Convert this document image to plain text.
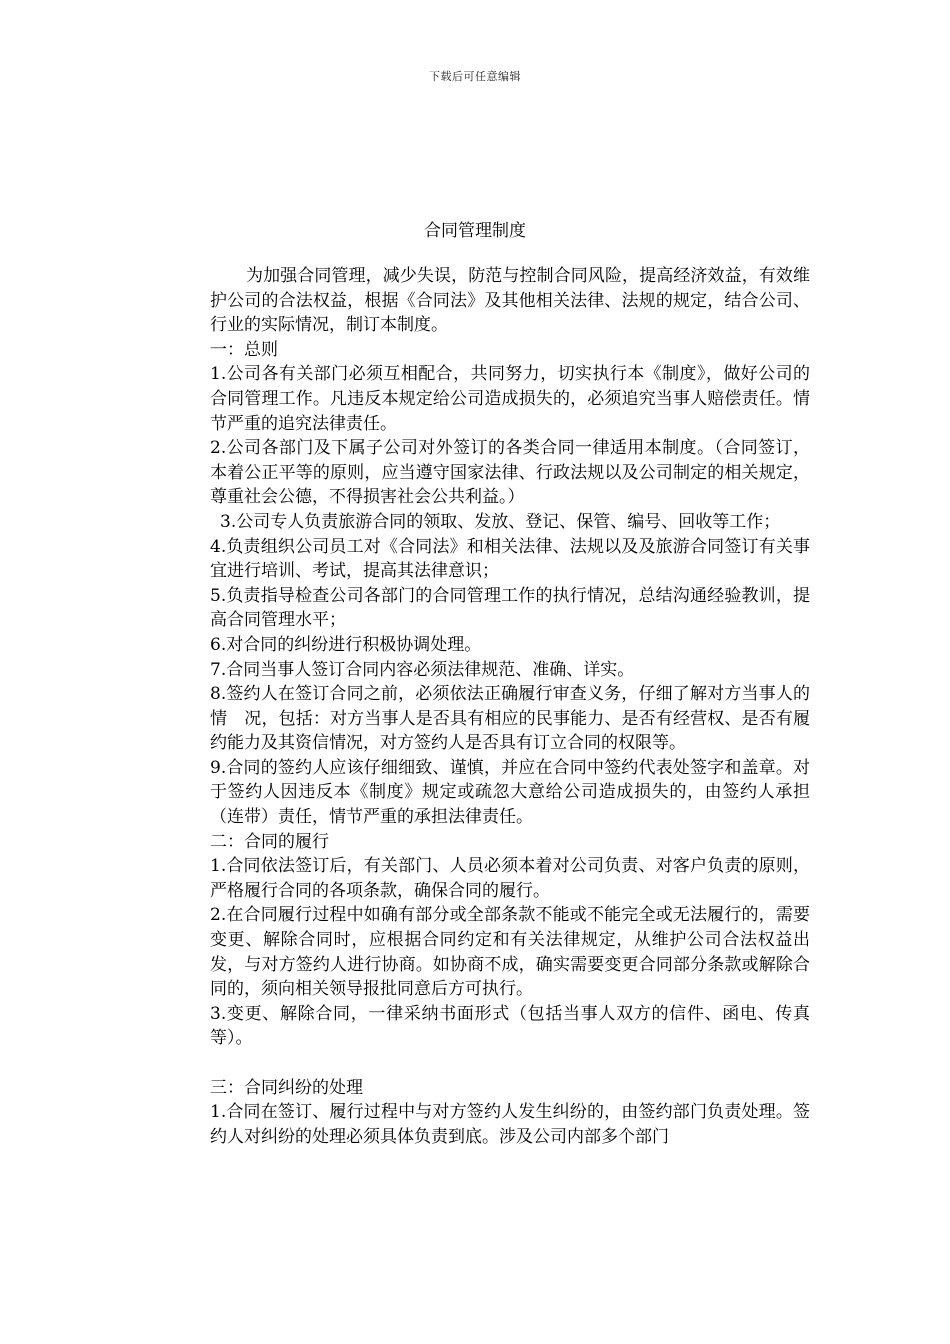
下载后可任意编辑
合同管理制度

为加强合同管理，减少失误，防范与控制合同风险，提高经济效益，有效维护公司的合法权益，根据《合同法》及其他相关法律、法规的规定，结合公司、行业的实际情况，制订本制度。

一：总则

1.公司各有关部门必须互相配合，共同努力，切实执行本《制度》，做好公司的合同管理工作。凡违反本规定给公司造成损失的，必须追究当事人赔偿责任。情节严重的追究法律责任。

2.公司各部门及下属子公司对外签订的各类合同一律适用本制度。（合同签订，本着公正平等的原则，应当遵守国家法律、行政法规以及公司制定的相关规定，尊重社会公德，不得损害社会公共利益。）

3.公司专人负责旅游合同的领取、发放、登记、保管、编号、回收等工作；

4.负责组织公司员工对《合同法》和相关法律、法规以及及旅游合同签订有关事宜进行培训、考试，提高其法律意识；

5.负责指导检查公司各部门的合同管理工作的执行情况，总结沟通经验教训，提高合同管理水平；

6.对合同的纠纷进行积极协调处理。

7.合同当事人签订合同内容必须法律规范、准确、详实。

8.签约人在签订合同之前，必须依法正确履行审查义务，仔细了解对方当事人的情　况，包括：对方当事人是否具有相应的民事能力、是否有经营权、是否有履约能力及其资信情况，对方签约人是否具有订立合同的权限等。

9.合同的签约人应该仔细细致、谨慎，并应在合同中签约代表处签字和盖章。对于签约人因违反本《制度》规定或疏忽大意给公司造成损失的，由签约人承担（连带）责任，情节严重的承担法律责任。

二：合同的履行

1.合同依法签订后，有关部门、人员必须本着对公司负责、对客户负责的原则，严格履行合同的各项条款，确保合同的履行。

2.在合同履行过程中如确有部分或全部条款不能或不能完全或无法履行的，需要变更、解除合同时，应根据合同约定和有关法律规定，从维护公司合法权益出发，与对方签约人进行协商。如协商不成，确实需要变更合同部分条款或解除合同的，须向相关领导报批同意后方可执行。

3.变更、解除合同，一律采纳书面形式（包括当事人双方的信件、函电、传真等）。

三：合同纠纷的处理

1.合同在签订、履行过程中与对方签约人发生纠纷的，由签约部门负责处理。签约人对纠纷的处理必须具体负责到底。涉及公司内部多个部门
